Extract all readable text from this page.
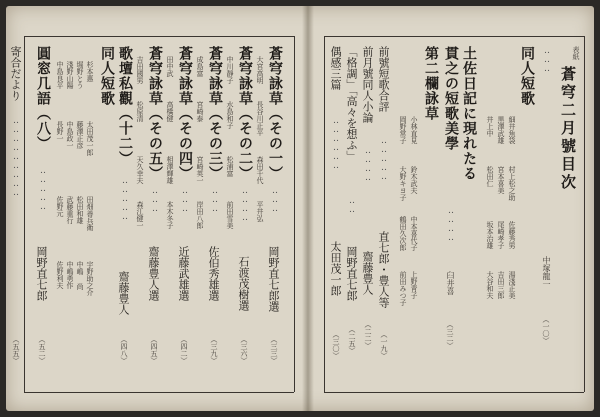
蒼穹二月號目次
表紙
‥‥‥
中塚龍一
（一〇）
同人短歌
細井魚袋
村上松之助
佐藤秀男
湯淺正美
黒澤武雄
宮本喜美
尾崎孝子
吉田三郎
井上中
松田仁
坂本治雄
大谷和夫
土佐日記に現れたる
貫之の短歌美學
‥‥‥‥
臼井喜
（三二）
第二欄詠草
小林直見
鈴木武夫
中本喜代子
上野靑子
岡野常子
大野キヨ子
鶴田久次郎
前田みつ子
前號短歌合評
‥‥‥‥‥
直七郎・豊人等
（一九）
前月號同人小論
‥‥‥‥
齋藤豊人
（二二）
「格調」「高々を想ふ」
‥‥
岡野直七郎
（二五）
偶感三篇
‥‥‥‥‥‥
太田茂一郎
（三〇）
蒼穹詠草（その一）
‥‥‥
岡野直七郎選
（三三）
大宮高明
長谷川正平
森田千代
平井弘
蒼穹詠草（その二）
‥‥‥‥
石渡茂樹選
（三六）
中川靜子
水島和子
松浦富
前田雪美
蒼穹詠草（その三）
‥‥‥
佐伯秀雄選
（三九）
成島富
宮崎泰
宮崎英一
岸田八郎
蒼穹詠草（その四）
‥‥‥
近藤武雄選
（四二）
田中武
高橋健
相澤輝雄
本木冬子
蒼穹詠草（その五）
‥‥‥
齋藤豊人選
（四五）
吉田國男
松原清
天久幸夫
森江健一
歌壇私觀（十二）
‥‥‥‥‥
齋藤豊人
（四八）
同人短歌
杉本惠
太田茂一郎
田畑善兵衛
宇野助之介
堀野とう
藤澤正彦
松田和雄
中嶋 尚
淺野山陽
中島政一
武藤重行
中嶋勇作
中島良平
長野一
佐野元
佐野利夫
圓窓几語（八）
‥‥‥‥‥
岡野直七郎
（五二）
寄合だより
‥‥‥‥‥‥‥‥‥
（五五）
